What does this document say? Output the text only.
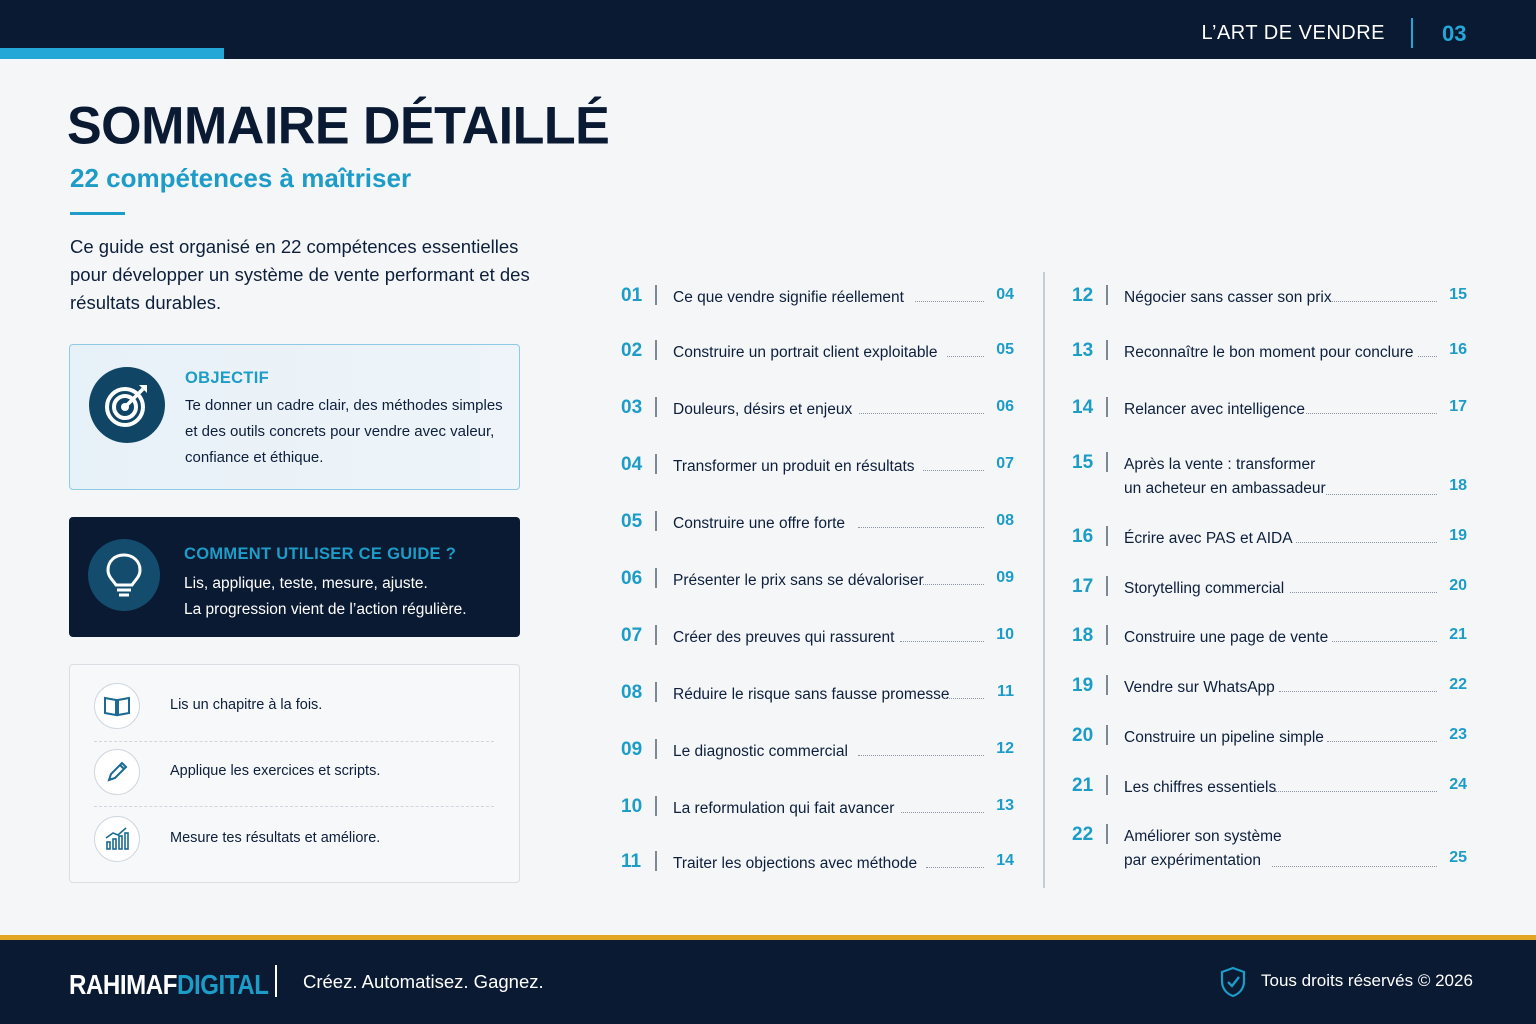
L’ART DE VENDRE	03
SOMMAIRE DÉTAILLÉ
22 compétences à maîtriser

Ce guide est organisé en 22 compétences essentielles pour développer un système de vente performant et des résultats durables.

OBJECTIF
Te donner un cadre clair, des méthodes simples et des outils concrets pour vendre avec valeur, confiance et éthique.
COMMENT UTILISER CE GUIDE ?
Lis, applique, teste, mesure, ajuste.
La progression vient de l’action régulière.
Lis un chapitre à la fois.
Applique les exercices et scripts.
Mesure tes résultats et améliore.
01 Ce que vendre signifie réellement	04
02 Construire un portrait client exploitable	05
03 Douleurs, désirs et enjeux	06
04 Transformer un produit en résultats	07
05 Construire une offre forte	08
06 Présenter le prix sans se dévaloriser	09
07 Créer des preuves qui rassurent	10
08 Réduire le risque sans fausse promesse	11
09 Le diagnostic commercial	12
10 La reformulation qui fait avancer	13
11 Traiter les objections avec méthode	14
12 Négocier sans casser son prix	15
13 Reconnaître le bon moment pour conclure 16
14 Relancer avec intelligence	17
15 Après la vente : transformer
un acheteur en ambassadeur	18
16 Écrire avec PAS et AIDA	19
17 Storytelling commercial	20
18 Construire une page de vente	21
19 Vendre sur WhatsApp	22
20 Construire un pipeline simple	23
21 Les chiffres essentiels	24
22 Améliorer son système
par expérimentation	25
RAHIMAFDIGITAL Créez. Automatisez. Gagnez.	Tous droits réservés © 2026
